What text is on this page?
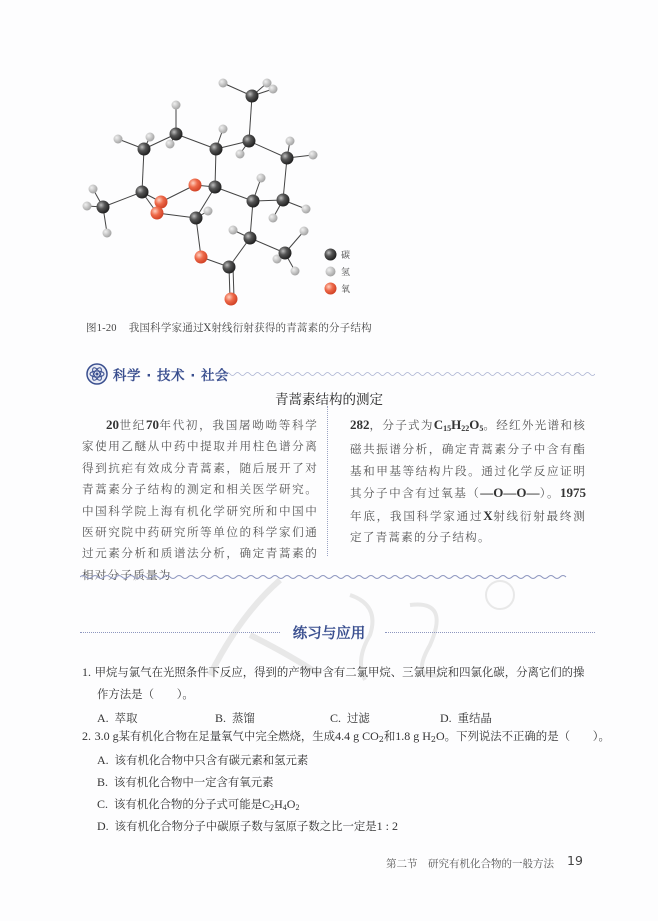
碳
氢
氧
图1-20 我国科学家通过X射线衍射获得的青蒿素的分子结构
科学 · 技术 · 社会
青蒿素结构的测定
20世纪70年代初，我国屠呦呦等科学家使用乙醚从中药中提取并用柱色谱分离得到抗疟有效成分青蒿素，随后展开了对青蒿素分子结构的测定和相关医学研究。中国科学院上海有机化学研究所和中国中医研究院中药研究所等单位的科学家们通过元素分析和质谱法分析，确定青蒿素的相对分子质量为
282，分子式为$C_{15}H_{22}O_5$。经红外光谱和核磁共振谱分析，确定青蒿素分子中含有酯基和甲基等结构片段。通过化学反应证明其分子中含有过氧基（—O—O—）。1975年底，我国科学家通过X射线衍射最终测定了青蒿素的分子结构。
练习与应用
1. 甲烷与氯气在光照条件下反应，得到的产物中含有二氯甲烷、三氯甲烷和四氯化碳，分离它们的操
作方法是（　　）。
A. 萃取	B. 蒸馏	C. 过滤	D. 重结晶
2. 3.0 g某有机化合物在足量氧气中完全燃烧，生成4.4 g $CO_2$和1.8 g $H_2O$。下列说法不正确的是（　　）。
A. 该有机化合物中只含有碳元素和氢元素
B. 该有机化合物中一定含有氧元素
C. 该有机化合物的分子式可能是$C_2H_4O_2$
D. 该有机化合物分子中碳原子数与氢原子数之比一定是1 : 2
第二节　研究有机化合物的一般方法 19
